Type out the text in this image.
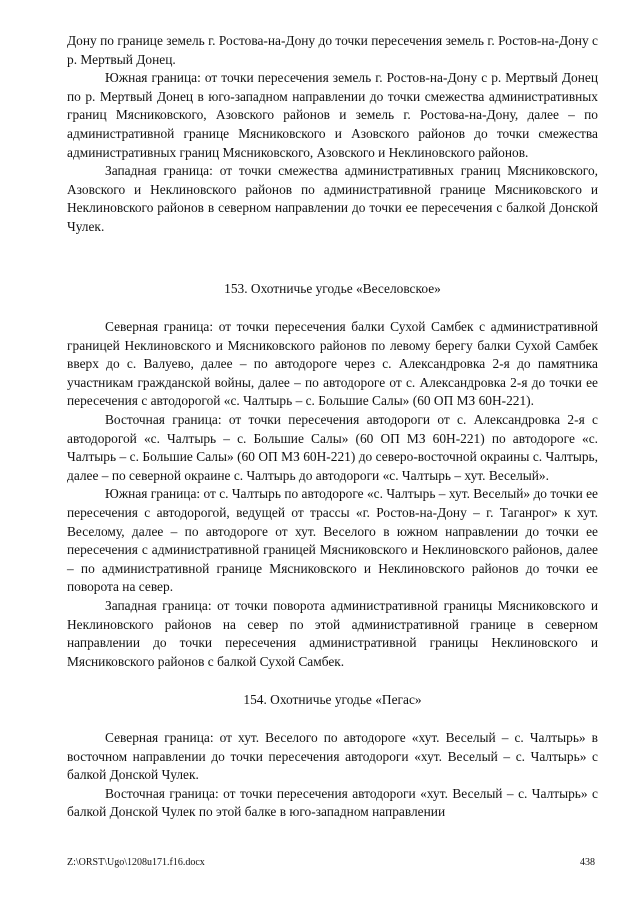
Дону по границе земель г. Ростова-на-Дону до точки пересечения земель г. Ростов-на-Дону с р. Мертвый Донец.

Южная граница: от точки пересечения земель г. Ростов-на-Дону с р. Мертвый Донец по р. Мертвый Донец в юго-западном направлении до точки смежества административных границ Мясниковского, Азовского районов и земель г. Ростова-на-Дону, далее – по административной границе Мясниковского и Азовского районов до точки смежества административных границ Мясниковского, Азовского и Неклиновского районов.

Западная граница: от точки смежества административных границ Мясниковского, Азовского и Неклиновского районов по административной границе Мясниковского и Неклиновского районов в северном направлении до точки ее пересечения с балкой Донской Чулек.

153. Охотничье угодье «Веселовское»

Северная граница: от точки пересечения балки Сухой Самбек с административной границей Неклиновского и Мясниковского районов по левому берегу балки Сухой Самбек вверх до с. Валуево, далее – по автодороге через с. Александровка 2-я до памятника участникам гражданской войны, далее – по автодороге от с. Александровка 2-я до точки ее пересечения с автодорогой «с. Чалтырь – с. Большие Салы» (60 ОП МЗ 60Н-221).

Восточная граница: от точки пересечения автодороги от с. Александровка 2-я с автодорогой «с. Чалтырь – с. Большие Салы» (60 ОП МЗ 60Н-221) по автодороге «с. Чалтырь – с. Большие Салы» (60 ОП МЗ 60Н-221) до северо-восточной окраины с. Чалтырь, далее – по северной окраине с. Чалтырь до автодороги «с. Чалтырь – хут. Веселый».

Южная граница: от с. Чалтырь по автодороге «с. Чалтырь – хут. Веселый» до точки ее пересечения с автодорогой, ведущей от трассы «г. Ростов-на-Дону – г. Таганрог» к хут. Веселому, далее – по автодороге от хут. Веселого в южном направлении до точки ее пересечения с административной границей Мясниковского и Неклиновского районов, далее – по административной границе Мясниковского и Неклиновского районов до точки ее поворота на север.

Западная граница: от точки поворота административной границы Мясниковского и Неклиновского районов на север по этой административной границе в северном направлении до точки пересечения административной границы Неклиновского и Мясниковского районов с балкой Сухой Самбек.

154. Охотничье угодье «Пегас»

Северная граница: от хут. Веселого по автодороге «хут. Веселый – с. Чалтырь» в восточном направлении до точки пересечения автодороги «хут. Веселый – с. Чалтырь» с балкой Донской Чулек.

Восточная граница: от точки пересечения автодороги «хут. Веселый – с. Чалтырь» с балкой Донской Чулек по этой балке в юго-западном направлении

Z:\ORST\Ugo\1208u171.f16.docx	438
